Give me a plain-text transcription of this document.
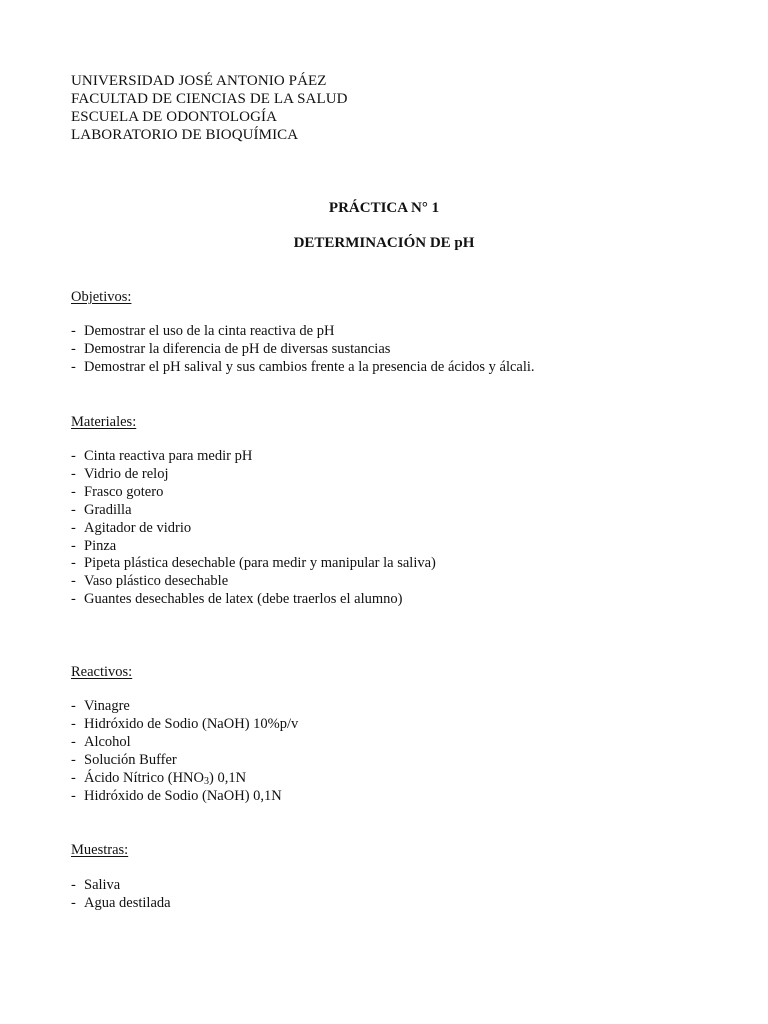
UNIVERSIDAD JOSÉ ANTONIO PÁEZ
FACULTAD DE CIENCIAS DE LA SALUD
ESCUELA DE ODONTOLOGÍA
LABORATORIO DE BIOQUÍMICA
PRÁCTICA N° 1
DETERMINACIÓN DE pH
Objetivos:
- Demostrar el uso de la cinta reactiva de pH
- Demostrar la diferencia de pH de diversas sustancias
- Demostrar el pH salival y sus cambios frente a la presencia de ácidos y álcali.
Materiales:
- Cinta reactiva para medir pH
- Vidrio de reloj
- Frasco gotero
- Gradilla
- Agitador de vidrio
- Pinza
- Pipeta plástica desechable (para medir y manipular la saliva)
- Vaso plástico desechable
- Guantes desechables de latex (debe traerlos el alumno)
Reactivos:
- Vinagre
- Hidróxido de Sodio (NaOH) 10%p/v
- Alcohol
- Solución Buffer
- Ácido Nítrico $(HNO_3)$ 0,1N
- Hidróxido de Sodio (NaOH) 0,1N
Muestras:
- Saliva
- Agua destilada
